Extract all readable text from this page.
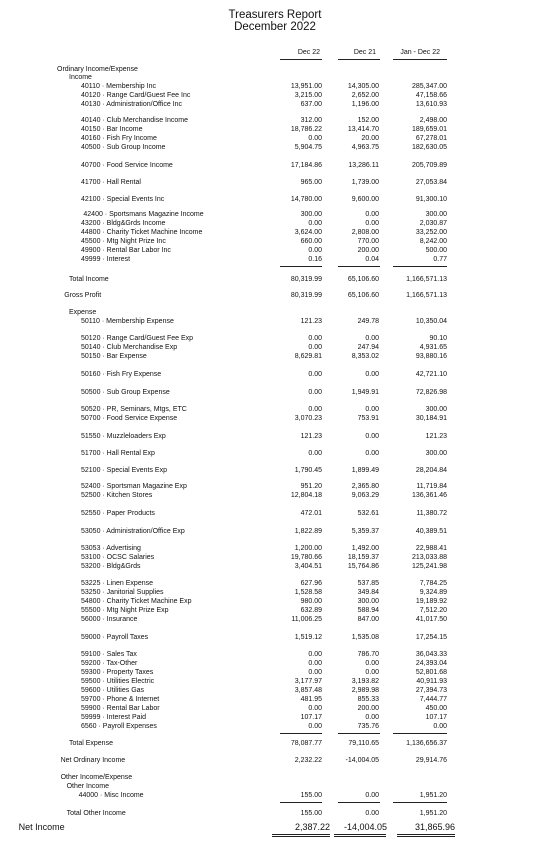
Treasurers Report
December 2022
Dec 22	Dec 21	Jan - Dec 22
Ordinary Income/Expense
Income
40110 · Membership Inc	13,951.00	14,305.00	285,347.00
40120 · Range Card/Guest Fee Inc	3,215.00	2,652.00	47,158.66
40130 · Administration/Office Inc	637.00	1,196.00	13,610.93
40140 · Club Merchandise Income	312.00	152.00	2,498.00
40150 · Bar Income	18,786.22	13,414.70	189,659.01
40160 · Fish Fry Income	0.00	20.00	67,278.01
40500 · Sub Group Income	5,904.75	4,963.75	182,630.05
40700 · Food Service Income	17,184.86	13,286.11	205,709.89
41700 · Hall Rental	965.00	1,739.00	27,053.84
42100 · Special Events Inc	14,780.00	9,600.00	91,300.10
42400 · Sportsmans Magazine Income	300.00	0.00	300.00
43200 · Bldg&Grds Income	0.00	0.00	2,030.87
44800 · Charity Ticket Machine Income	3,624.00	2,808.00	33,252.00
45500 · Mtg Night Prize Inc	660.00	770.00	8,242.00
49900 · Rental Bar Labor Inc	0.00	200.00	500.00
49999 · Interest	0.16	0.04	0.77
Total Income	80,319.99	65,106.60	1,166,571.13
Gross Profit	80,319.99	65,106.60	1,166,571.13
Expense
50110 · Membership Expense	121.23	249.78	10,350.04
50120 · Range Card/Guest Fee Exp	0.00	0.00	90.10
50140 · Club Merchandise Exp	0.00	247.94	4,931.65
50150 · Bar Expense	8,629.81	8,353.02	93,880.16
50160 · Fish Fry Expense	0.00	0.00	42,721.10
50500 · Sub Group Expense	0.00	1,949.91	72,826.98
50520 · PR, Seminars, Mtgs, ETC	0.00	0.00	300.00
50700 · Food Service Expense	3,070.23	753.91	30,184.91
51550 · Muzzleloaders Exp	121.23	0.00	121.23
51700 · Hall Rental Exp	0.00	0.00	300.00
52100 · Special Events Exp	1,790.45	1,899.49	28,204.84
52400 · Sportsman Magazine Exp	951.20	2,365.80	11,719.84
52500 · Kitchen Stores	12,804.18	9,063.29	136,361.46
52550 · Paper Products	472.01	532.61	11,380.72
53050 · Administration/Office Exp	1,822.89	5,359.37	40,389.51
53053 · Advertising	1,200.00	1,492.00	22,988.41
53100 · OCSC Salaries	19,780.66	18,159.37	213,033.88
53200 · Bldg&Grds	3,404.51	15,764.86	125,241.98
53225 · Linen Expense	627.96	537.85	7,784.25
53250 · Janitorial Supplies	1,528.58	349.84	9,324.89
54800 · Charity Ticket Machine Exp	980.00	300.00	19,189.92
55500 · Mtg Night Prize Exp	632.89	588.94	7,512.20
56000 · Insurance	11,006.25	847.00	41,017.50
59000 · Payroll Taxes	1,519.12	1,535.08	17,254.15
59100 · Sales Tax	0.00	786.70	36,043.33
59200 · Tax-Other	0.00	0.00	24,393.04
59300 · Property Taxes	0.00	0.00	52,801.68
59500 · Utilities Electric	3,177.97	3,193.82	40,911.93
59600 · Utilities Gas	3,857.48	2,989.98	27,394.73
59700 · Phone & Internet	481.95	855.33	7,444.77
59900 · Rental Bar Labor	0.00	200.00	450.00
59999 · Interest Paid	107.17	0.00	107.17
6560 · Payroll Expenses	0.00	735.76	0.00
Total Expense	78,087.77	79,110.65	1,136,656.37
Net Ordinary Income	2,232.22	-14,004.05	29,914.76
Other Income/Expense
Other Income
44000 · Misc Income	155.00	0.00	1,951.20
Total Other Income	155.00	0.00	1,951.20
Net Income	2,387.22	-14,004.05	31,865.96
